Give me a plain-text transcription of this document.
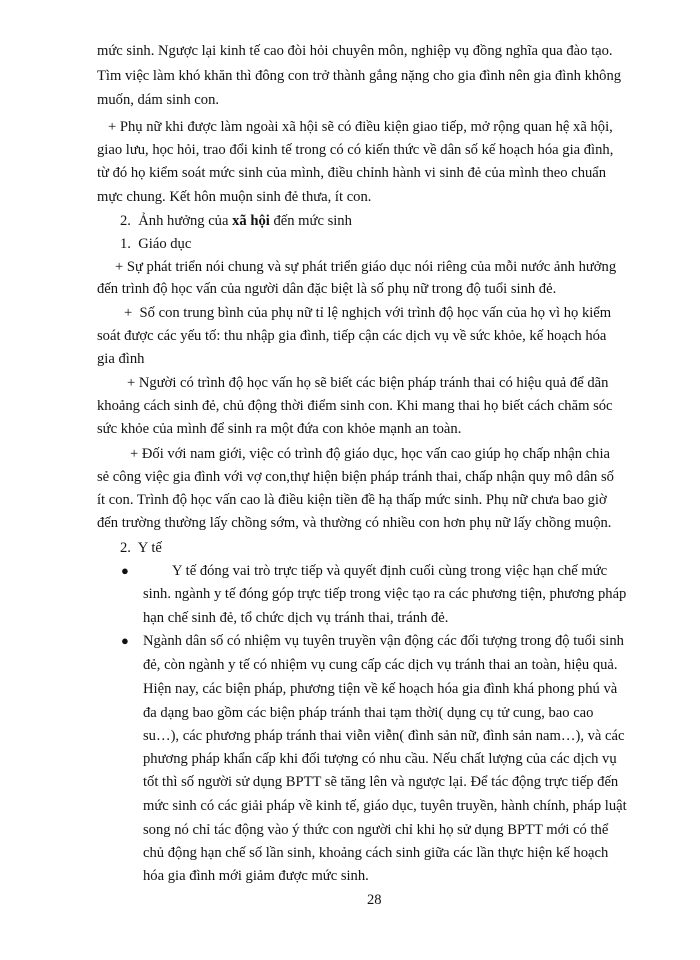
mức sinh. Ngược lại kinh tế cao đòi hỏi chuyên môn, nghiệp vụ đồng nghĩa qua đào tạo.
Tìm việc làm khó khăn thì đông con trở thành gắng nặng cho gia đình nên gia đình không
muốn, dám sinh con.
+ Phụ nữ khi được làm ngoài xã hội sẽ có điều kiện giao tiếp, mở rộng quan hệ xã hội,
giao lưu, học hỏi, trao đổi kinh tế trong có có kiến thức về dân số kế hoạch hóa gia đình,
từ đó họ kiểm soát mức sinh của mình, điều chỉnh hành vi sinh đẻ của mình theo chuẩn
mực chung. Kết hôn muộn sinh đẻ thưa, ít con.
2.  Ảnh hưởng của xã hội đến mức sinh
1.  Giáo dục
+ Sự phát triển nói chung và sự phát triển giáo dục nói riêng của mỗi nước ảnh hưởng
đến trình độ học vấn của người dân đặc biệt là số phụ nữ trong độ tuổi sinh đẻ.
+  Số con trung bình của phụ nữ tỉ lệ nghịch với trình độ học vấn của họ vì họ kiểm
soát được các yếu tố: thu nhập gia đình, tiếp cận các dịch vụ về sức khỏe, kế hoạch hóa
gia đình
+ Người có trình độ học vấn họ sẽ biết các biện pháp tránh thai có hiệu quả để dãn
khoảng cách sinh đẻ, chủ động thời điểm sinh con. Khi mang thai họ biết cách chăm sóc
sức khỏe của mình để sinh ra một đứa con khỏe mạnh an toàn.
+ Đối với nam giới, việc có trình độ giáo dục, học vấn cao giúp họ chấp nhận chia
sẻ công việc gia đình với vợ con,thự hiện biện pháp tránh thai, chấp nhận quy mô dân số
ít con. Trình độ học vấn cao là điều kiện tiền đề hạ thấp mức sinh. Phụ nữ chưa bao giờ
đến trường thường lấy chồng sớm, và thường có nhiều con hơn phụ nữ lấy chồng muộn.
2.  Y tế
●	Y tế đóng vai trò trực tiếp và quyết định cuối cùng trong việc hạn chế mức
sinh. ngành y tế đóng góp trực tiếp trong việc tạo ra các phương tiện, phương pháp
hạn chế sinh đẻ, tổ chức dịch vụ tránh thai, tránh đẻ.
● Ngành dân số có nhiệm vụ tuyên truyền vận động các đối tượng trong độ tuổi sinh
đẻ, còn ngành y tế có nhiệm vụ cung cấp các dịch vụ tránh thai an toàn, hiệu quả.
Hiện nay, các biện pháp, phương tiện về kế hoạch hóa gia đình khá phong phú và
đa dạng bao gồm các biện pháp tránh thai tạm thời( dụng cụ tử cung, bao cao
su…), các phương pháp tránh thai viễn viễn( đình sản nữ, đình sản nam…), và các
phương pháp khẩn cấp khi đối tượng có nhu cầu. Nếu chất lượng của các dịch vụ
tốt thì số người sử dụng BPTT sẽ tăng lên và ngược lại. Để tác động trực tiếp đến
mức sinh có các giải pháp về kinh tế, giáo dục, tuyên truyền, hành chính, pháp luật
song nó chỉ tác động vào ý thức con người chỉ khi họ sử dụng BPTT mới có thể
chủ động hạn chế số lần sinh, khoảng cách sinh giữa các lần thực hiện kế hoạch
hóa gia đình mới giảm được mức sinh.
28
